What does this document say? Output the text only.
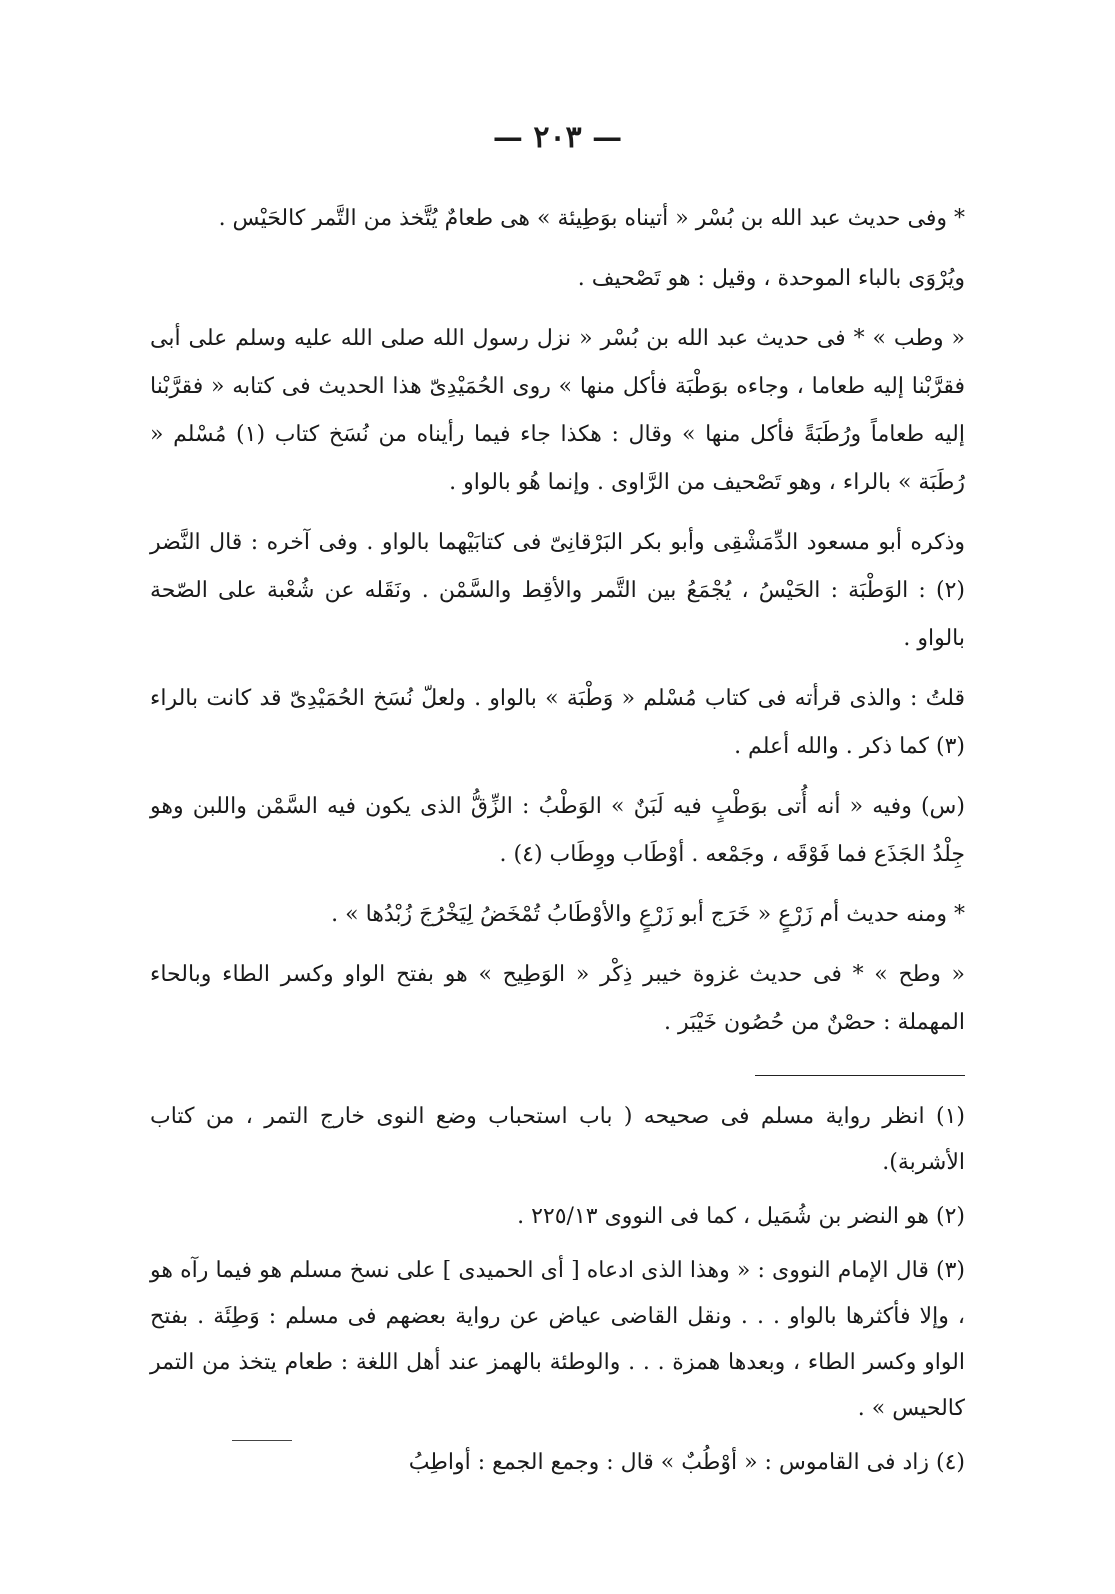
— ٢٠٣ —

* وفى حديث عبد الله بن بُسْر « أتيناه بوَطِيئة » هى طعامٌ يُتَّخذ من التَّمر كالحَيْس .

ويُرْوَى بالباء الموحدة ، وقيل : هو تَصْحيف .

« وطب » * فى حديث عبد الله بن بُسْر « نزل رسول الله صلى الله عليه وسلم على أبى فقرَّبْنا إليه طعاما ، وجاءه بوَطْبَة فأكل منها » روى الحُمَيْدِىّ هذا الحديث فى كتابه « فقرَّبْنا إليه طعاماً ورُطَبَةً فأكل منها » وقال : هكذا جاء فيما رأيناه من نُسَخ كتاب (١) مُسْلم « رُطَبَة » بالراء ، وهو تَصْحيف من الرَّاوى . وإنما هُو بالواو .

وذكره أبو مسعود الدِّمَشْقِى وأبو بكر البَرْقانِىّ فى كتابَيْهما بالواو . وفى آخره : قال النَّضر (٢) : الوَطْبَة : الحَيْسُ ، يُجْمَعُ بين التَّمر والأقِط والسَّمْن . ونَقَله عن شُعْبة على الصّحة بالواو .

قلتُ : والذى قرأته فى كتاب مُسْلم « وَطْبَة » بالواو . ولعلّ نُسَخ الحُمَيْدِىّ قد كانت بالراء (٣) كما ذكر . والله أعلم .

(س) وفيه « أنه أُتى بوَطْبٍ فيه لَبَنٌ » الوَطْبُ : الزِّقُّ الذى يكون فيه السَّمْن واللبن وهو جِلْدُ الجَذَع فما فَوْقَه ، وجَمْعه . أوْطَاب ووِطَاب (٤) .

* ومنه حديث أم زَرْعٍ « خَرَج أبو زَرْعٍ والأوْطَابُ تُمْخَضُ لِيَخْرُجَ زُبْدُها » .

« وطح » * فى حديث غزوة خيبر ذِكْر « الوَطِيح » هو بفتح الواو وكسر الطاء وبالحاء المهملة : حصْنٌ من حُصُون خَيْبَر .

(١) انظر رواية مسلم فى صحيحه ( باب استحباب وضع النوى خارج التمر ، من كتاب الأشربة).

(٢) هو النضر بن شُمَيل ، كما فى النووى ٢٢٥/١٣ .

(٣) قال الإمام النووى : « وهذا الذى ادعاه [ أى الحميدى ] على نسخ مسلم هو فيما رآه هو ، وإلا فأكثرها بالواو . . . ونقل القاضى عياض عن رواية بعضهم فى مسلم : وَطِئَة . بفتح الواو وكسر الطاء ، وبعدها همزة . . . والوطئة بالهمز عند أهل اللغة : طعام يتخذ من التمر كالحيس » .

(٤) زاد فى القاموس : « أوْطُبٌ » قال : وجمع الجمع : أواطِبُ
